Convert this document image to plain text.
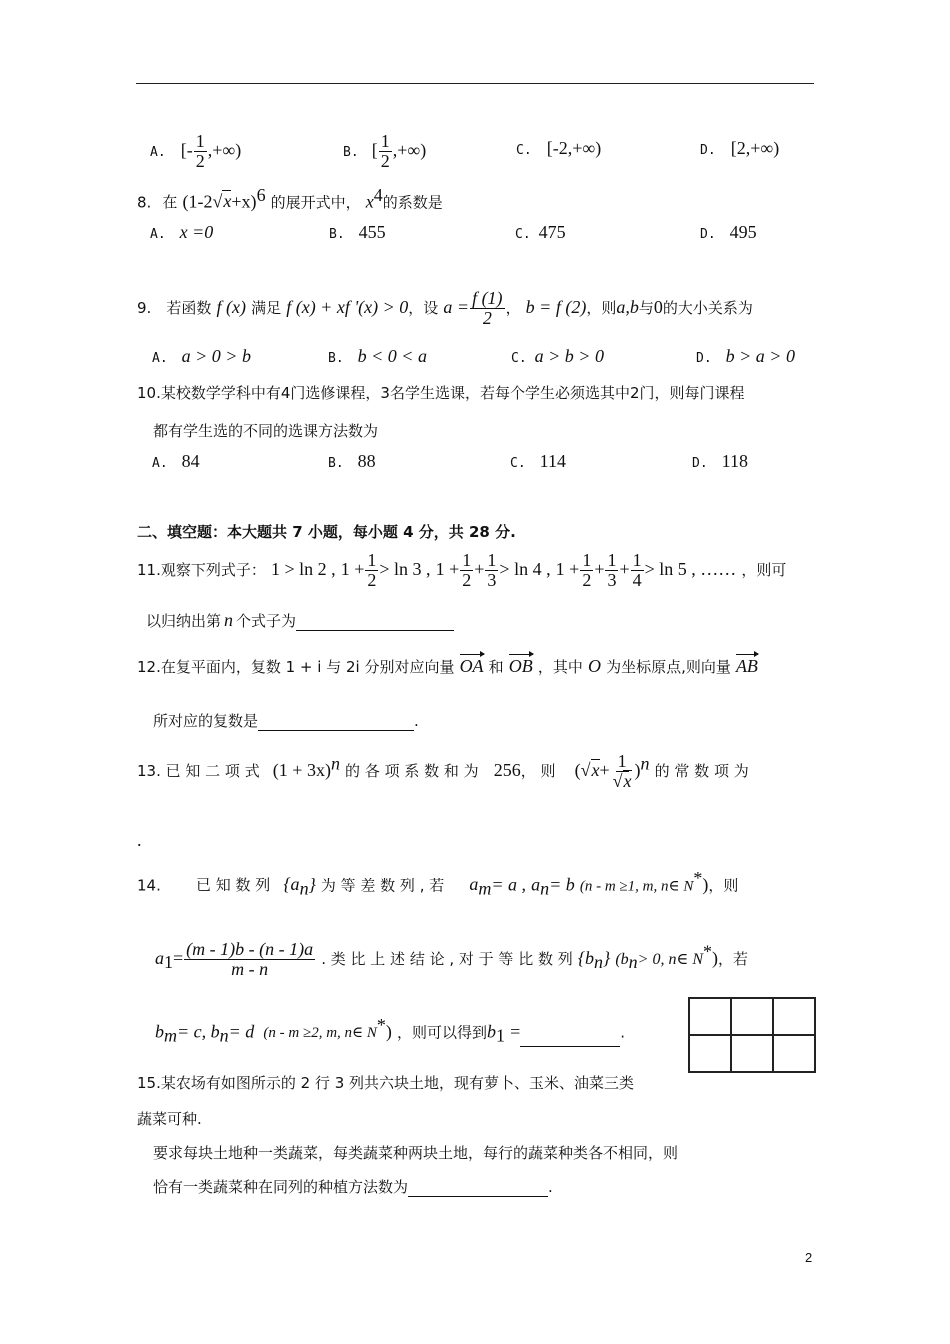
A. [- $\frac{1}{2}$ ,+∞)	B. [ $\frac{1}{2}$ ,+∞)	C. [-2,+∞)	D. [2,+∞)
8. 在 $(1-2√x+x)^6$ 的展开式中， $x^4$的系数是
A. x =0	B. 455	C. 475	D. 495
9. 若函数 f (x) 满足 f (x) + xf '(x) > 0，设 $a = \frac{f (1)}{2}$ ， b = f (2)，则a,b与0的大小关系为
A. a > 0 > b	B. b < 0 < a	C. a > b > 0	D. b > a > 0
10.某校数学学科中有4门选修课程，3名学生选课，若每个学生必须选其中2门，则每门课程
都有学生选的不同的选课方法数为
A. 84	B. 88	C. 114	D. 118
二、填空题：本大题共 7 小题，每小题 4 分，共 28 分.
11.观察下列式子： 1 > ln 2 , $1 + \frac{1}{2} > \ln 3$ , $1 + \frac{1}{2} + \frac{1}{3} > \ln 4$ , $1 + \frac{1}{2} + \frac{1}{3} + \frac{1}{4} > \ln 5$ , …… ，则可
以归纳出第 n 个式子为
12.在复平面内，复数 1 + i 与 2i 分别对应向量 OA 和 OB ，其中 O 为坐标原点,则向量 AB
所对应的复数是	.
13. 已 知 二 项 式 $(1 + 3x)^n$ 的 各 项 系 数 和 为 256， 则 $(√x+ \frac{1}{√x} )^n$ 的 常 数 项 为
.
14. 已 知 数 列 $\{a_n\}$ 为 等 差 数 列 , 若 $a_m= a$ , $a_n= b$ (n - m ≥1, m, n∈ N*)，则
$a_1= \frac{(m - 1)b - (n - 1)a}{m - n}$ . 类 比 上 述 结 论 , 对 于 等 比 数 列 $\{b_n\}$ ($b_n> 0$, n∈ N*)，若
$b_m= c$, $b_n= d$ (n - m ≥2, m, n∈ N*) ，则可以得到$b_1$ =	.
15.某农场有如图所示的 2 行 3 列共六块土地，现有萝卜、玉米、油菜三类
蔬菜可种.
要求每块土地种一类蔬菜，每类蔬菜种两块土地，每行的蔬菜种类各不相同，则
恰有一类蔬菜种在同列的种植方法数为	.
2
